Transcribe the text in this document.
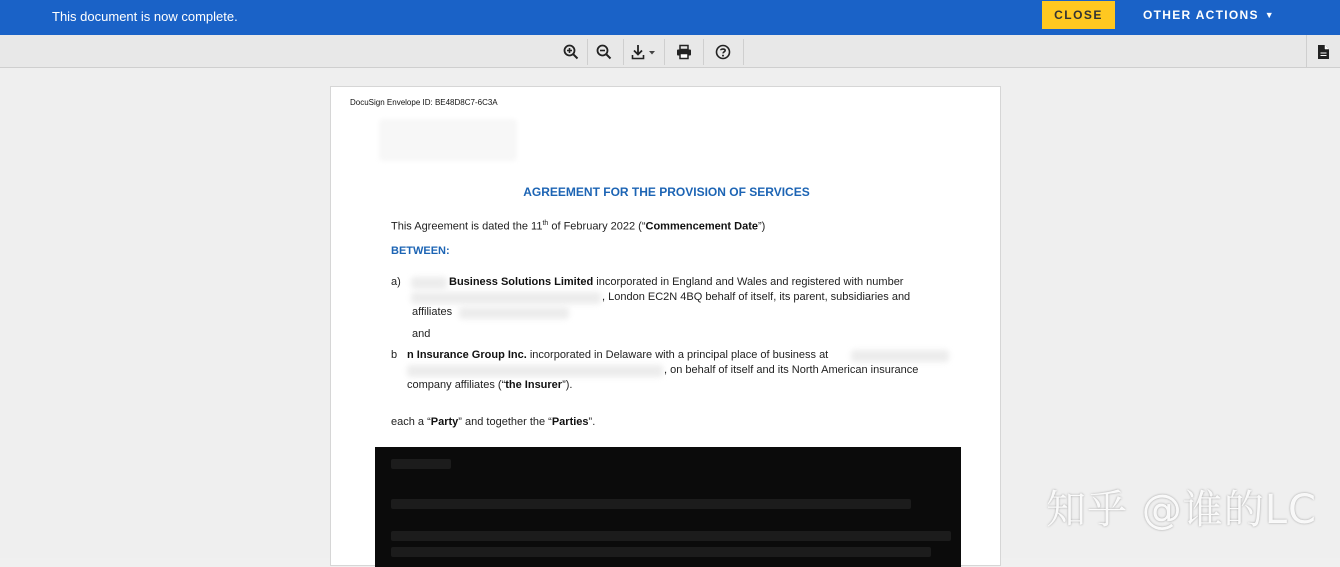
This document is now complete.	CLOSE	OTHER ACTIONS ▼
DocuSign Envelope ID: BE48D8C7-6C3A
AGREEMENT FOR THE PROVISION OF SERVICES
This Agreement is dated the 11th of February 2022 (“Commencement Date”)
BETWEEN:
a)	Business Solutions Limited incorporated in England and Wales and registered with number
, London EC2N 4BQ behalf of itself, its parent, subsidiaries and
affiliates
and
b n Insurance Group Inc. incorporated in Delaware with a principal place of business at
, on behalf of itself and its North American insurance
company affiliates (“the Insurer”).
each a “Party” and together the “Parties”.
知乎 @谁的LC
